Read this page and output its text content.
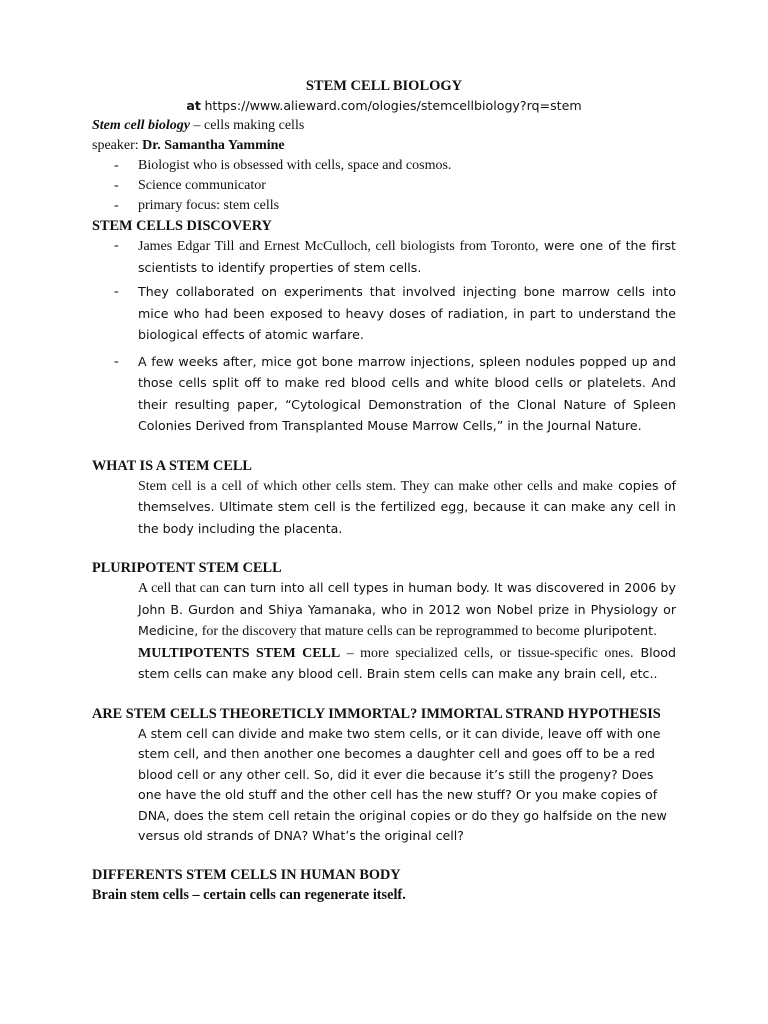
STEM CELL BIOLOGY

at https://www.alieward.com/ologies/stemcellbiology?rq=stem

Stem cell biology – cells making cells

speaker: Dr. Samantha Yammine

- Biologist who is obsessed with cells, space and cosmos.
- Science communicator
- primary focus: stem cells

STEM CELLS DISCOVERY

- James Edgar Till and Ernest McCulloch, cell biologists from Toronto, were one of the first scientists to identify properties of stem cells.
- They collaborated on experiments that involved injecting bone marrow cells into mice who had been exposed to heavy doses of radiation, in part to understand the biological effects of atomic warfare.
- A few weeks after, mice got bone marrow injections, spleen nodules popped up and those cells split off to make red blood cells and white blood cells or platelets. And their resulting paper, “Cytological Demonstration of the Clonal Nature of Spleen Colonies Derived from Transplanted Mouse Marrow Cells,” in the Journal Nature.

WHAT IS A STEM CELL

Stem cell is a cell of which other cells stem. They can make other cells and make copies of themselves. Ultimate stem cell is the fertilized egg, because it can make any cell in the body including the placenta.

PLURIPOTENT STEM CELL

A cell that can can turn into all cell types in human body. It was discovered in 2006 by John B. Gurdon and Shiya Yamanaka, who in 2012 won Nobel prize in Physiology or Medicine, for the discovery that mature cells can be reprogrammed to become pluripotent.

MULTIPOTENTS STEM CELL – more specialized cells, or tissue-specific ones. Blood stem cells can make any blood cell. Brain stem cells can make any brain cell, etc..

ARE STEM CELLS THEORETICLY IMMORTAL? IMMORTAL STRAND HYPOTHESIS

A stem cell can divide and make two stem cells, or it can divide, leave off with one stem cell, and then another one becomes a daughter cell and goes off to be a red blood cell or any other cell. So, did it ever die because it’s still the progeny? Does one have the old stuff and the other cell has the new stuff? Or you make copies of DNA, does the stem cell retain the original copies or do they go halfside on the new versus old strands of DNA? What’s the original cell?

DIFFERENTS STEM CELLS IN HUMAN BODY

Brain stem cells – certain cells can regenerate itself.
